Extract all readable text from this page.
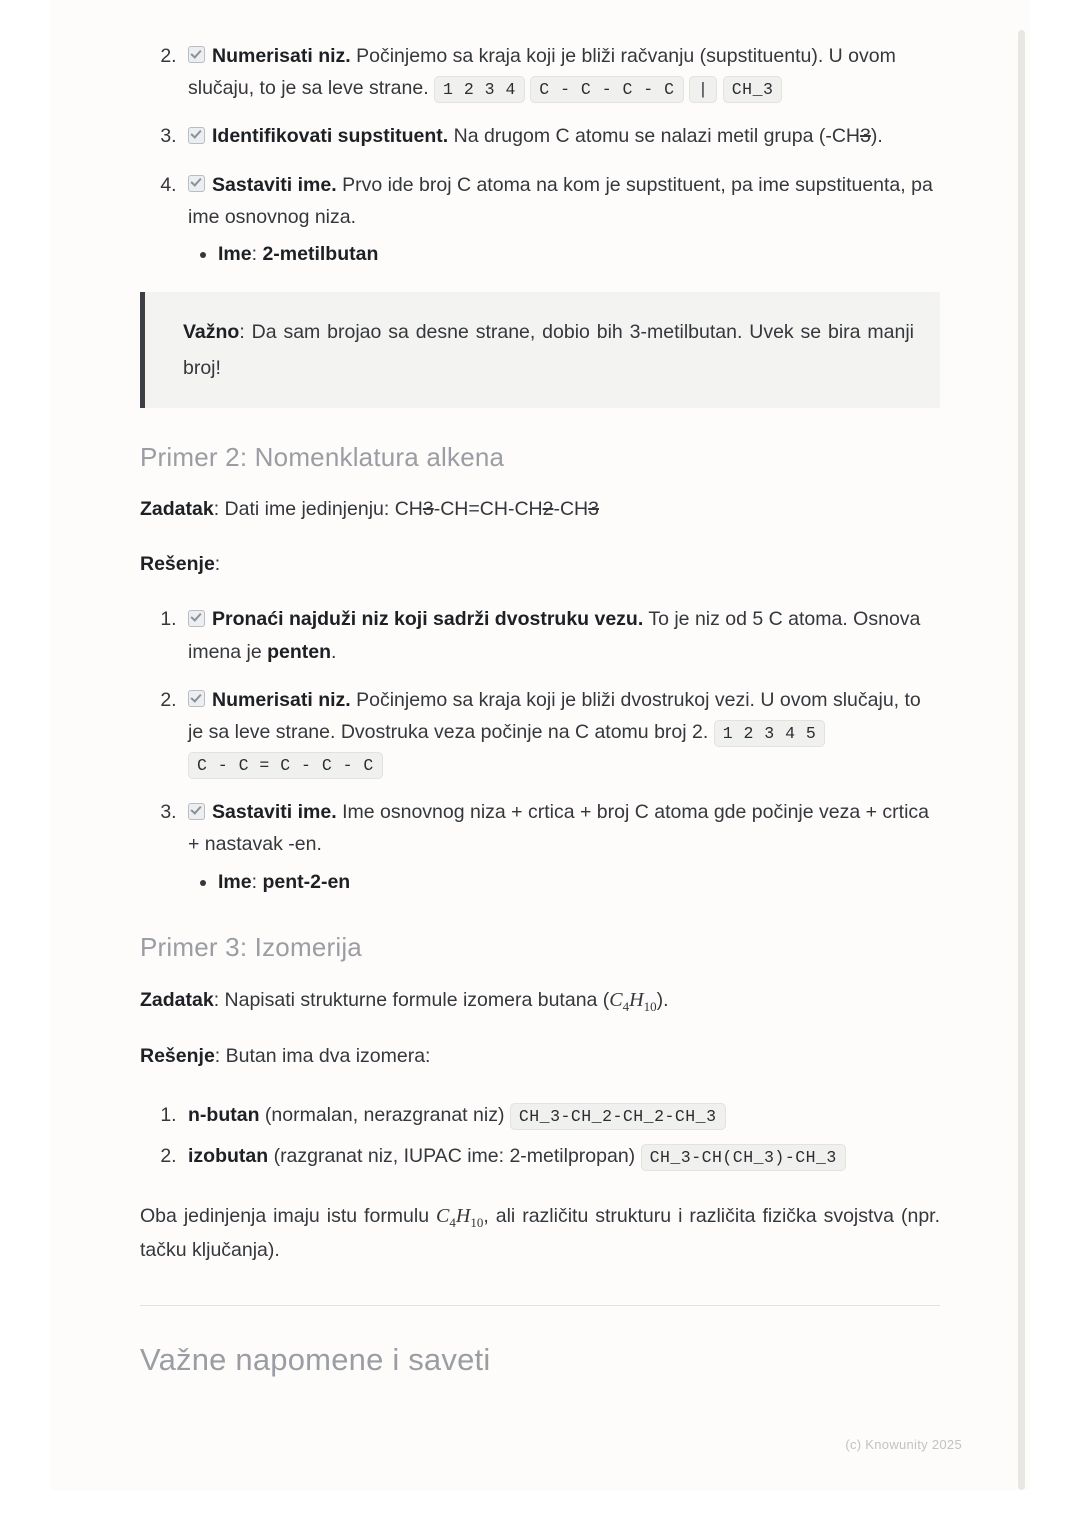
2. Numerisati niz. Počinjemo sa kraja koji je bliži račvanju (supstituentu). U ovom slučaju, to je sa leve strane. 1 2 3 4 C - C - C - C | CH_3
3. Identifikovati supstituent. Na drugom C atomu se nalazi metil grupa (-CH3).
4. Sastaviti ime. Prvo ide broj C atoma na kom je supstituent, pa ime supstituenta, pa ime osnovnog niza.
• Ime: 2-metilbutan
Važno: Da sam brojao sa desne strane, dobio bih 3-metilbutan. Uvek se bira manji broj!
Primer 2: Nomenklatura alkena

Zadatak: Dati ime jedinjenju: CH3-CH=CH-CH2-CH3

Rešenje:

1. Pronaći najduži niz koji sadrži dvostruku vezu. To je niz od 5 C atoma. Osnova imena je penten.
2. Numerisati niz. Počinjemo sa kraja koji je bliži dvostrukoj vezi. U ovom slučaju, to je sa leve strane. Dvostruka veza počinje na C atomu broj 2. 1 2 3 4 5 C - C = C - C - C
3. Sastaviti ime. Ime osnovnog niza + crtica + broj C atoma gde počinje veza + crtica + nastavak -en.
• Ime: pent-2-en
Primer 3: Izomerija

Zadatak: Napisati strukturne formule izomera butana $(C_4H_{10})$.

Rešenje: Butan ima dva izomera:

1. n-butan (normalan, nerazgranat niz) CH_3-CH_2-CH_2-CH_3
2. izobutan (razgranat niz, IUPAC ime: 2-metilpropan) CH_3-CH(CH_3)-CH_3

Oba jedinjenja imaju istu formulu $C_4H_{10}$, ali različitu strukturu i različita fizička svojstva (npr. tačku ključanja).

Važne napomene i saveti
(c) Knowunity 2025
